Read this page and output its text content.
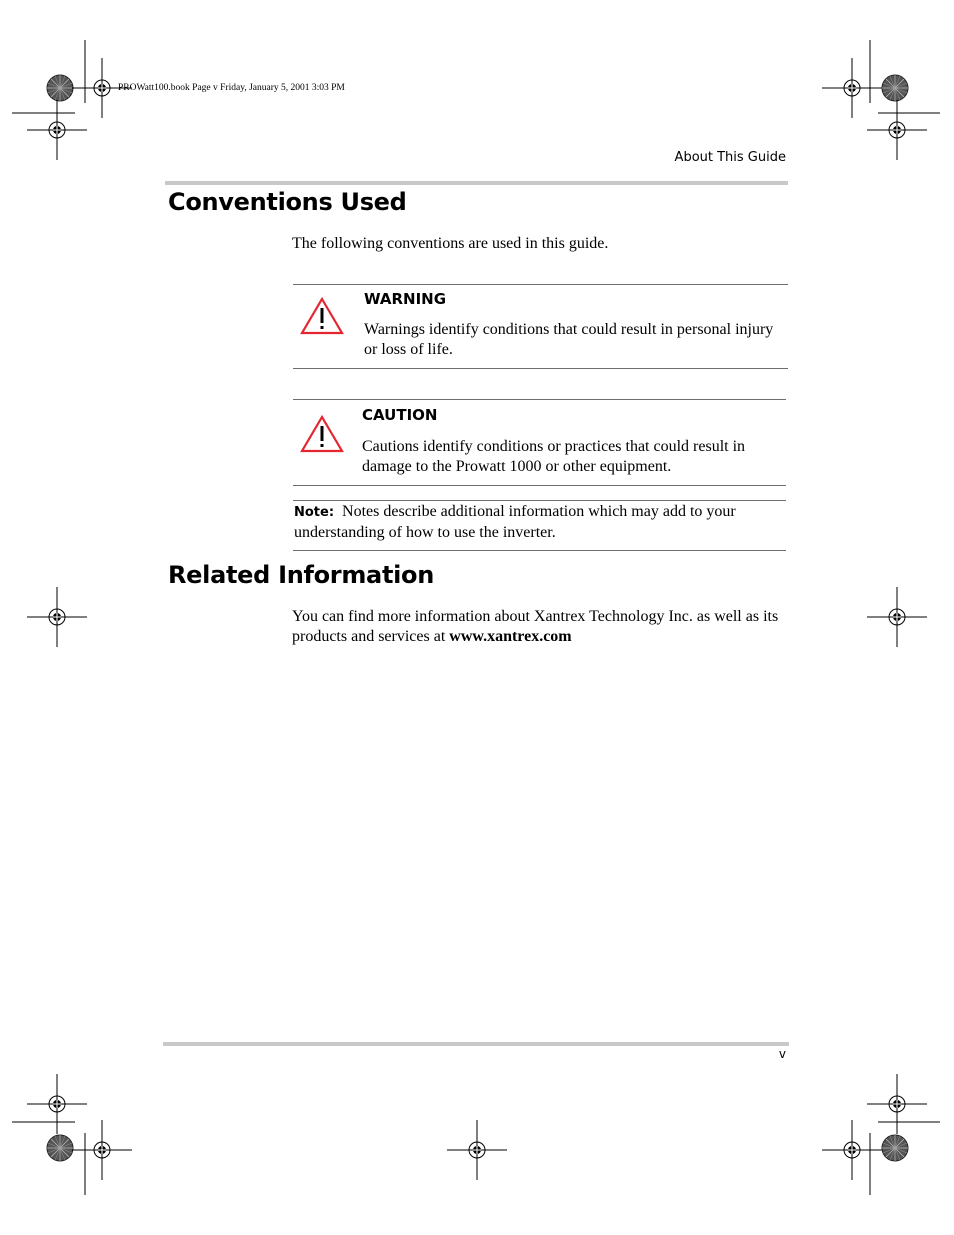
PROWatt100.book Page v Friday, January 5, 2001 3:03 PM
About This Guide
Conventions Used
The following conventions are used in this guide.
WARNING
Warnings identify conditions that could result in personal injury or loss of life.
CAUTION
Cautions identify conditions or practices that could result in damage to the Prowatt 1000 or other equipment.
Note: Notes describe additional information which may add to your understanding of how to use the inverter.
Related Information
You can find more information about Xantrex Technology Inc. as well as its products and services at www.xantrex.com
v
